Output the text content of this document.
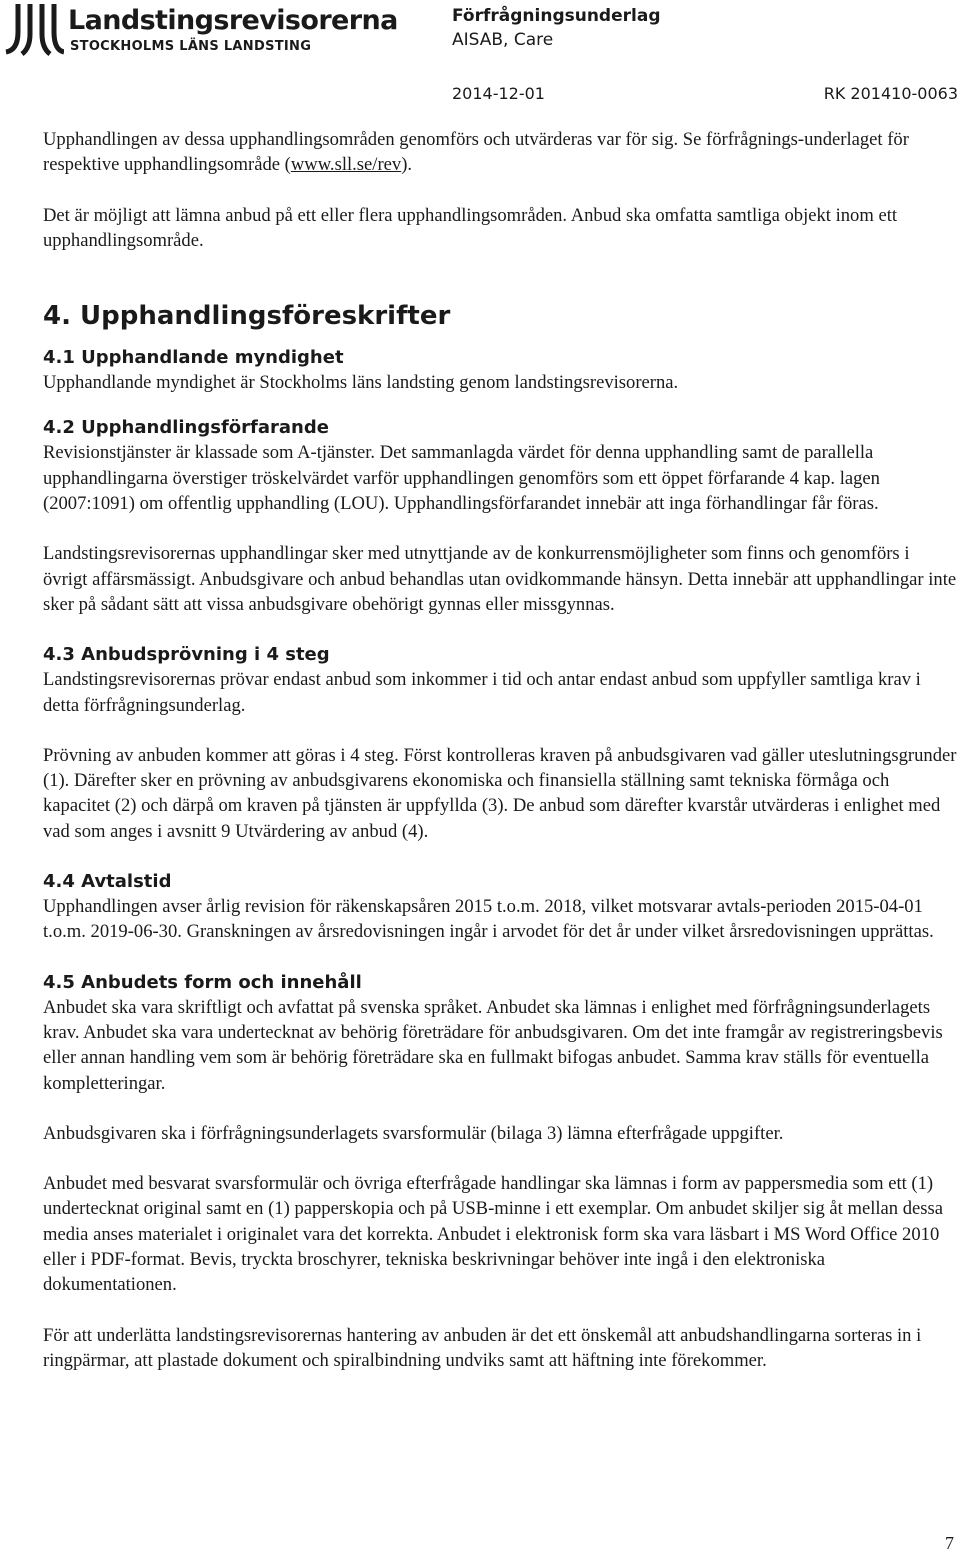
Landstingsrevisorerna
STOCKHOLMS LÄNS LANDSTING
Förfrågningsunderlag
AISAB, Care
2014-12-01	RK 201410-0063

Upphandlingen av dessa upphandlingsområden genomförs och utvärderas var för sig. Se förfrågnings-underlaget för respektive upphandlingsområde (www.sll.se/rev).

Det är möjligt att lämna anbud på ett eller flera upphandlingsområden. Anbud ska omfatta samtliga objekt inom ett upphandlingsområde.

4. Upphandlingsföreskrifter
4.1 Upphandlande myndighet

Upphandlande myndighet är Stockholms läns landsting genom landstingsrevisorerna.

4.2 Upphandlingsförfarande

Revisionstjänster är klassade som A-tjänster. Det sammanlagda värdet för denna upphandling samt de parallella upphandlingarna överstiger tröskelvärdet varför upphandlingen genomförs som ett öppet förfarande 4 kap. lagen (2007:1091) om offentlig upphandling (LOU). Upphandlingsförfarandet innebär att inga förhandlingar får föras.

Landstingsrevisorernas upphandlingar sker med utnyttjande av de konkurrensmöjligheter som finns och genomförs i övrigt affärsmässigt. Anbudsgivare och anbud behandlas utan ovidkommande hänsyn. Detta innebär att upphandlingar inte sker på sådant sätt att vissa anbudsgivare obehörigt gynnas eller missgynnas.

4.3 Anbudsprövning i 4 steg

Landstingsrevisorernas prövar endast anbud som inkommer i tid och antar endast anbud som uppfyller samtliga krav i detta förfrågningsunderlag.

Prövning av anbuden kommer att göras i 4 steg. Först kontrolleras kraven på anbudsgivaren vad gäller uteslutningsgrunder (1). Därefter sker en prövning av anbudsgivarens ekonomiska och finansiella ställning samt tekniska förmåga och kapacitet (2) och därpå om kraven på tjänsten är uppfyllda (3). De anbud som därefter kvarstår utvärderas i enlighet med vad som anges i avsnitt 9 Utvärdering av anbud (4).

4.4 Avtalstid

Upphandlingen avser årlig revision för räkenskapsåren 2015 t.o.m. 2018, vilket motsvarar avtals-perioden 2015-04-01 t.o.m. 2019-06-30. Granskningen av årsredovisningen ingår i arvodet för det år under vilket årsredovisningen upprättas.

4.5 Anbudets form och innehåll

Anbudet ska vara skriftligt och avfattat på svenska språket. Anbudet ska lämnas i enlighet med förfrågningsunderlagets krav. Anbudet ska vara undertecknat av behörig företrädare för anbudsgivaren. Om det inte framgår av registreringsbevis eller annan handling vem som är behörig företrädare ska en fullmakt bifogas anbudet. Samma krav ställs för eventuella kompletteringar.

Anbudsgivaren ska i förfrågningsunderlagets svarsformulär (bilaga 3) lämna efterfrågade uppgifter.

Anbudet med besvarat svarsformulär och övriga efterfrågade handlingar ska lämnas i form av pappersmedia som ett (1) undertecknat original samt en (1) papperskopia och på USB-minne i ett exemplar. Om anbudet skiljer sig åt mellan dessa media anses materialet i originalet vara det korrekta. Anbudet i elektronisk form ska vara läsbart i MS Word Office 2010 eller i PDF-format. Bevis, tryckta broschyrer, tekniska beskrivningar behöver inte ingå i den elektroniska dokumentationen.

För att underlätta landstingsrevisorernas hantering av anbuden är det ett önskemål att anbudshandlingarna sorteras in i ringpärmar, att plastade dokument och spiralbindning undviks samt att häftning inte förekommer.

7
